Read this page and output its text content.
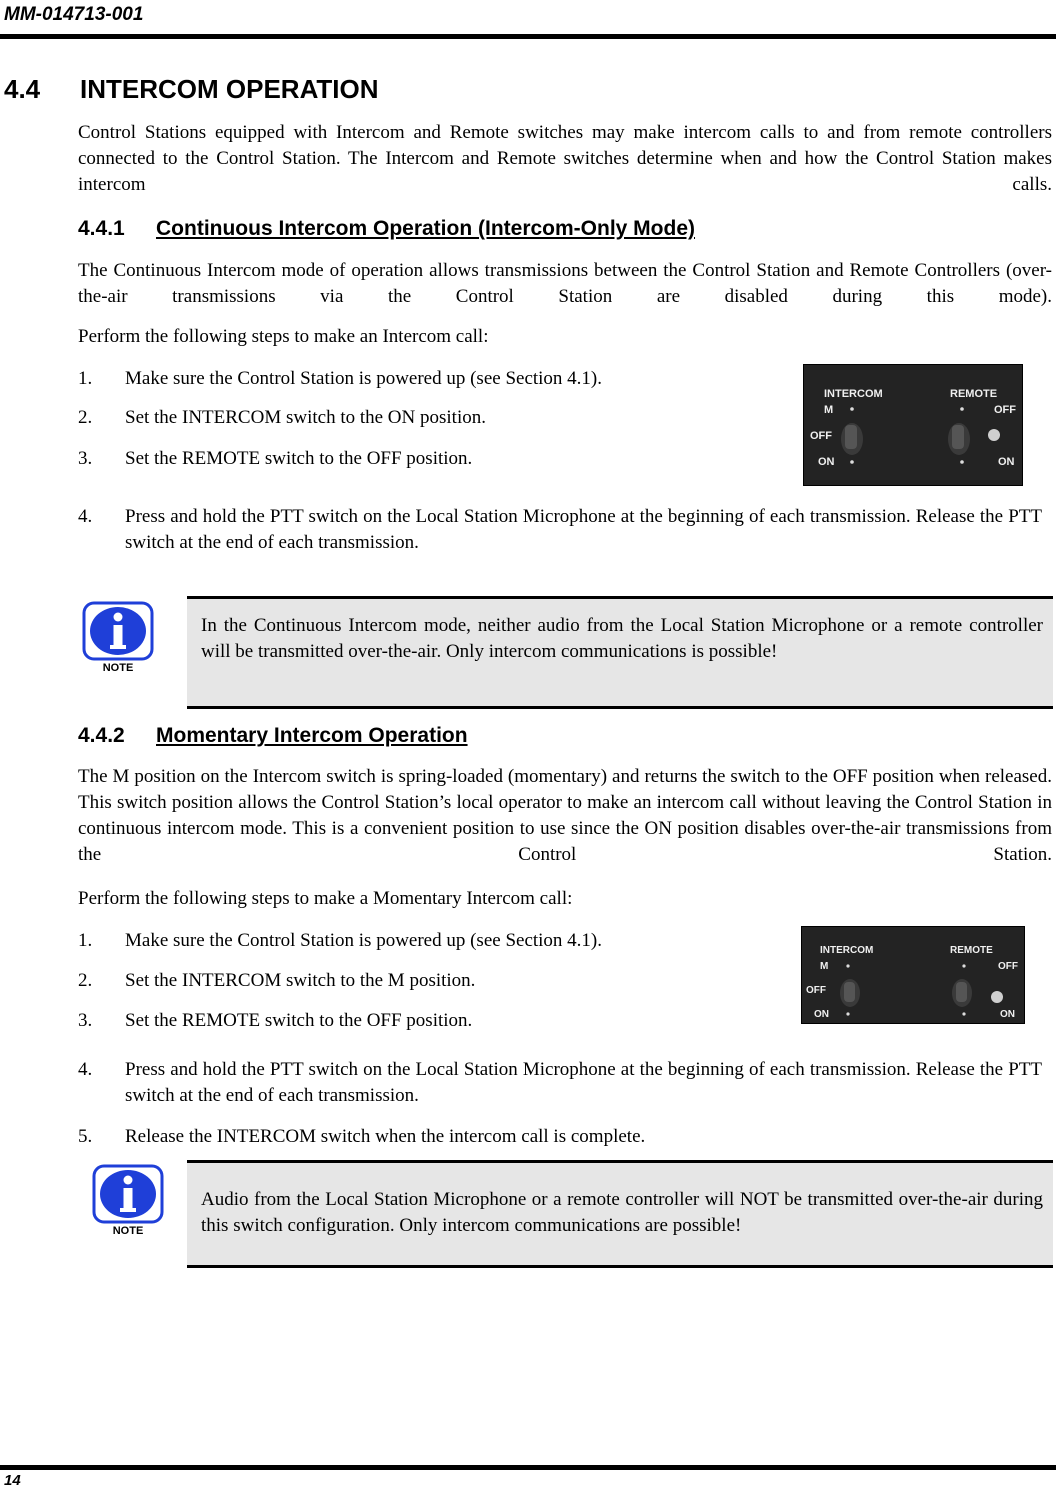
MM-014713-001
4.4 INTERCOM OPERATION
Control Stations equipped with Intercom and Remote switches may make intercom calls to and from remote controllers connected to the Control Station. The Intercom and Remote switches determine when and how the Control Station makes intercom calls.
4.4.1 Continuous Intercom Operation (Intercom-Only Mode)
The Continuous Intercom mode of operation allows transmissions between the Control Station and Remote Controllers (over-the-air transmissions via the Control Station are disabled during this mode).
Perform the following steps to make an Intercom call:
1.	Make sure the Control Station is powered up (see Section 4.1).
2.	Set the INTERCOM switch to the ON position.
3.	Set the REMOTE switch to the OFF position.
4.	Press and hold the PTT switch on the Local Station Microphone at the beginning of each transmission. Release the PTT switch at the end of each transmission.
INTERCOM	REMOTE
M
OFF
ON
OFF
ON
NOTE
In the Continuous Intercom mode, neither audio from the Local Station Microphone or a remote controller will be transmitted over-the-air. Only intercom communications is possible!
4.4.2 Momentary Intercom Operation
The M position on the Intercom switch is spring-loaded (momentary) and returns the switch to the OFF position when released. This switch position allows the Control Station’s local operator to make an intercom call without leaving the Control Station in continuous intercom mode. This is a convenient position to use since the ON position disables over-the-air transmissions from the Control Station.
Perform the following steps to make a Momentary Intercom call:
1.	Make sure the Control Station is powered up (see Section 4.1).
2.	Set the INTERCOM switch to the M position.
3.	Set the REMOTE switch to the OFF position.
4.	Press and hold the PTT switch on the Local Station Microphone at the beginning of each transmission. Release the PTT switch at the end of each transmission.
5.	Release the INTERCOM switch when the intercom call is complete.
INTERCOM	REMOTE
M
OFF
ON
OFF
ON
NOTE
Audio from the Local Station Microphone or a remote controller will NOT be transmitted over-the-air during this switch configuration. Only intercom communications are possible!
14
